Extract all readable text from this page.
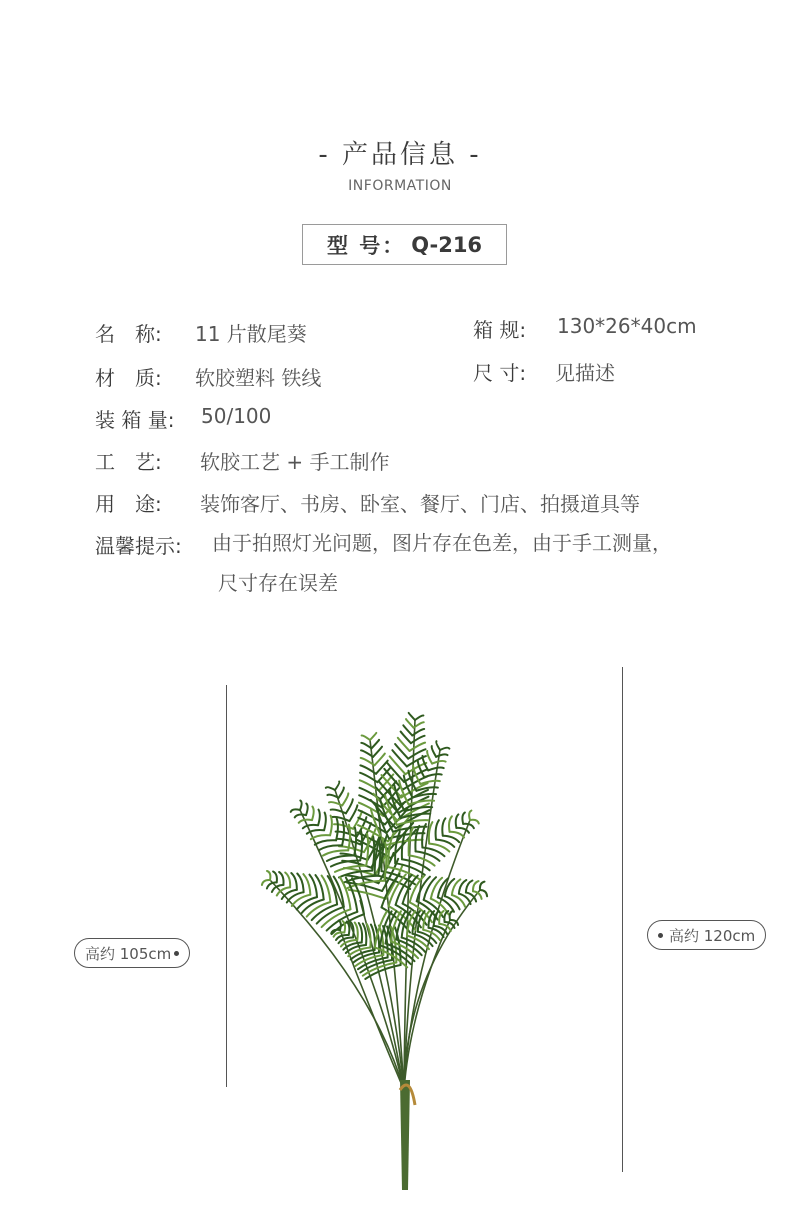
- 产品信息 -
INFORMATION
型 号： Q-216
名　称:	11 片散尾葵
材　质:	软胶塑料 铁线
装 箱 量:	50/100
工　艺:	软胶工艺 + 手工制作
用　途:	装饰客厅、书房、卧室、餐厅、门店、拍摄道具等
温馨提示: 由于拍照灯光问题，图片存在色差，由于手工测量，
尺寸存在误差
箱 规:	130*26*40cm
尺 寸:	见描述
高约 105cm
高约 120cm
